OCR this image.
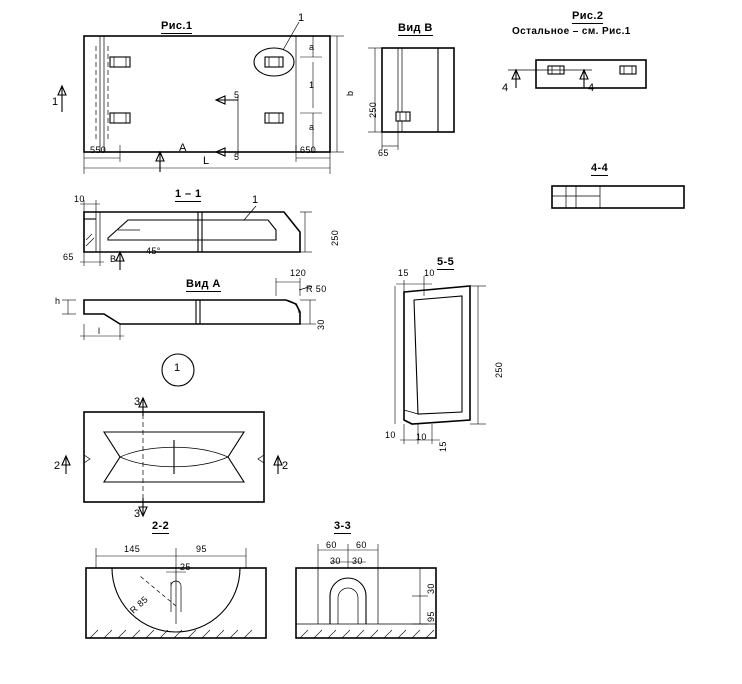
Рис.1
1
1
A
L
550	650
5
5
a
a
1
b
Вид В
250
65
Рис.2
Остальное – см. Рис.1
4	4
4-4
1 – 1	1
10
65	B
45°
250
Вид А
120
R 50
h
l
30
1
5-5
15 10
250
10 10
15
3
3
2	2
2-2
145	95
25
R 85
3-3
60 60
30 30
30
95
